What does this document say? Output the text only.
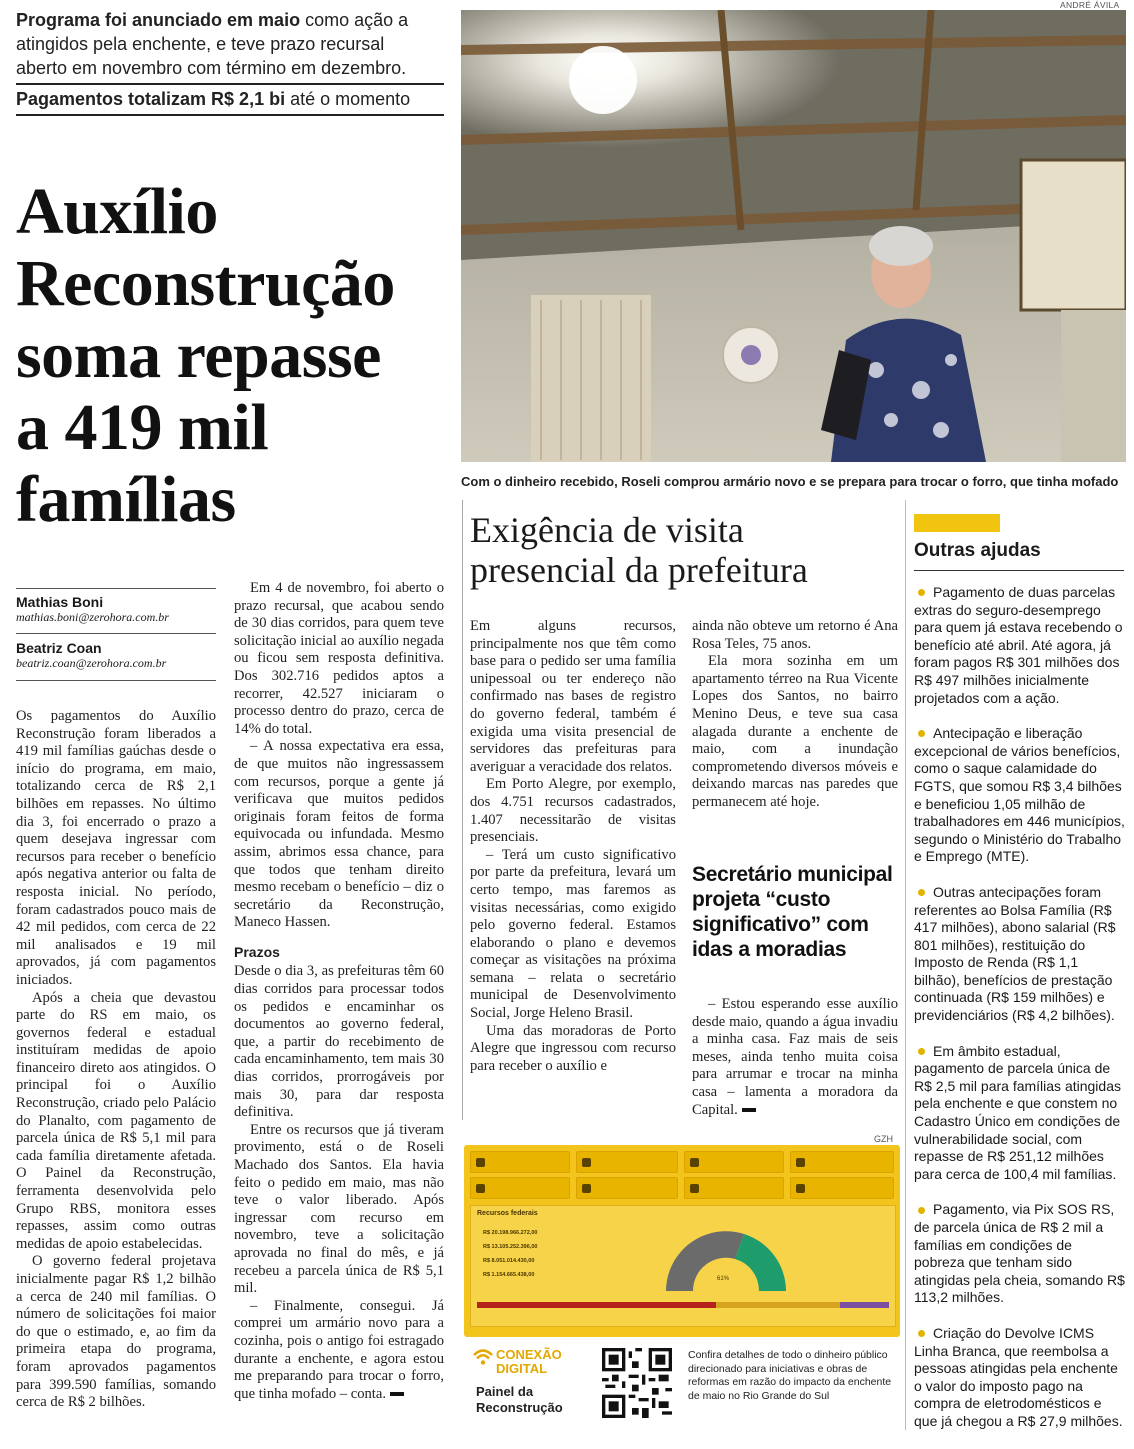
Programa foi anunciado em maio como ação a
atingidos pela enchente, e teve prazo recursal
aberto em novembro com término em dezembro.
Pagamentos totalizam R$ 2,1 bi até o momento
Auxílio
Reconstrução
soma repasse
a 419 mil
famílias
Mathias Boni
mathias.boni@zerohora.com.br
Beatriz Coan
beatriz.coan@zerohora.com.br

Os pagamentos do Auxílio Reconstrução foram liberados a 419 mil famílias gaúchas desde o início do programa, em maio, totalizando cerca de R$ 2,1 bilhões em repasses. No último dia 3, foi encerrado o prazo a quem desejava ingressar com recursos para receber o benefício após negativa anterior ou falta de resposta inicial. No período, foram cadastrados pouco mais de 42 mil pedidos, com cerca de 22 mil analisados e 19 mil aprovados, já com pagamentos iniciados.

Após a cheia que devastou parte do RS em maio, os governos federal e estadual instituíram medidas de apoio financeiro direto aos atingidos. O principal foi o Auxílio Reconstrução, criado pelo Palácio do Planalto, com pagamento de parcela única de R$ 5,1 mil para cada família diretamente afetada. O Painel da Reconstrução, ferramenta desenvolvida pelo Grupo RBS, monitora esses repasses, assim como outras medidas de apoio estabelecidas.

O governo federal projetava inicialmente pagar R$ 1,2 bilhão a cerca de 240 mil famílias. O número de solicitações foi maior do que o estimado, e, ao fim da primeira etapa do programa, foram aprovados pagamentos para 399.590 famílias, somando cerca de R$ 2 bilhões.

Em 4 de novembro, foi aberto o prazo recursal, que acabou sendo de 30 dias corridos, para quem teve solicitação inicial ao auxílio negada ou ficou sem resposta definitiva. Dos 302.716 pedidos aptos a recorrer, 42.527 iniciaram o processo dentro do prazo, cerca de 14% do total.

– A nossa expectativa era essa, de que muitos não ingressassem com recursos, porque a gente já verificava que muitos pedidos originais foram feitos de forma equivocada ou infundada. Mesmo assim, abrimos essa chance, para que todos que tenham direito mesmo recebam o benefício – diz o secretário da Reconstrução, Maneco Hassen.

Prazos

Desde o dia 3, as prefeituras têm 60 dias corridos para processar todos os pedidos e encaminhar os documentos ao governo federal, que, a partir do recebimento de cada encaminhamento, tem mais 30 dias corridos, prorrogáveis por mais 30, para dar resposta definitiva.

Entre os recursos que já tiveram provimento, está o de Roseli Machado dos Santos. Ela havia feito o pedido em maio, mas não teve o valor liberado. Após ingressar com recurso em novembro, teve a solicitação aprovada no final do mês, e já recebeu a parcela única de R$ 5,1 mil.

– Finalmente, consegui. Já comprei um armário novo para a cozinha, pois o antigo foi estragado durante a enchente, e agora estou me preparando para trocar o forro, que tinha mofado – conta.

ANDRÉ ÁVILA
Com o dinheiro recebido, Roseli comprou armário novo e se prepara para trocar o forro, que tinha mofado
Exigência de visita
presencial da prefeitura

Em alguns recursos, principalmente nos que têm como base para o pedido ser uma família unipessoal ou ter endereço não confirmado nas bases de registro do governo federal, também é exigida uma visita presencial de servidores das prefeituras para averiguar a veracidade dos relatos.

Em Porto Alegre, por exemplo, dos 4.751 recursos cadastrados, 1.407 necessitarão de visitas presenciais.

– Terá um custo significativo por parte da prefeitura, levará um certo tempo, mas faremos as visitas necessárias, como exigido pelo governo federal. Estamos elaborando o plano e devemos começar as visitações na próxima semana – relata o secretário municipal de Desenvolvimento Social, Jorge Heleno Brasil.

Uma das moradoras de Porto Alegre que ingressou com recurso para receber o auxílio e

ainda não obteve um retorno é Ana Rosa Teles, 75 anos.

Ela mora sozinha em um apartamento térreo na Rua Vicente Lopes dos Santos, no bairro Menino Deus, e teve sua casa alagada durante a enchente de maio, com a inundação comprometendo diversos móveis e deixando marcas nas paredes que permanecem até hoje.

Secretário municipal projeta “custo significativo” com idas a moradias

– Estou esperando esse auxílio desde maio, quando a água invadiu a minha casa. Faz mais de seis meses, ainda tenho muita coisa para arrumar e trocar na minha casa – lamenta a moradora da Capital.

Outras ajudas
Pagamento de duas parcelas extras do seguro-desemprego para quem já estava recebendo o benefício até abril. Até agora, já foram pagos R$ 301 milhões dos R$ 497 milhões inicialmente projetados com a ação.
Antecipação e liberação excepcional de vários benefícios, como o saque calamidade do FGTS, que somou R$ 3,4 bilhões e beneficiou 1,05 milhão de trabalhadores em 446 municípios, segundo o Ministério do Trabalho e Emprego (MTE).
Outras antecipações foram referentes ao Bolsa Família (R$ 417 milhões), abono salarial (R$ 801 milhões), restituição do Imposto de Renda (R$ 1,1 bilhão), benefícios de prestação continuada (R$ 159 milhões) e previdenciários (R$ 4,2 bilhões).
Em âmbito estadual, pagamento de parcela única de R$ 2,5 mil para famílias atingidas pela enchente e que constem no Cadastro Único em condições de vulnerabilidade social, com repasse de R$ 251,12 milhões para cerca de 100,4 mil famílias.
Pagamento, via Pix SOS RS, de parcela única de R$ 2 mil a famílias em condições de pobreza que tenham sido atingidas pela cheia, somando R$ 113,2 milhões.
Criação do Devolve ICMS Linha Branca, que reembolsa a pessoas atingidas pela enchente o valor do imposto pago na compra de eletrodomésticos e que já chegou a R$ 27,9 milhões.
GZH
Recursos federais
R$ 20.198.966.272,00
R$ 13.105.252.396,00
R$ 8.051.014.430,00
R$ 1.154.665.438,00
61%
CONEXÃO
DIGITAL
Painel da
Reconstrução
Confira detalhes de todo o dinheiro público direcionado para iniciativas e obras de reformas em razão do impacto da enchente de maio no Rio Grande do Sul
